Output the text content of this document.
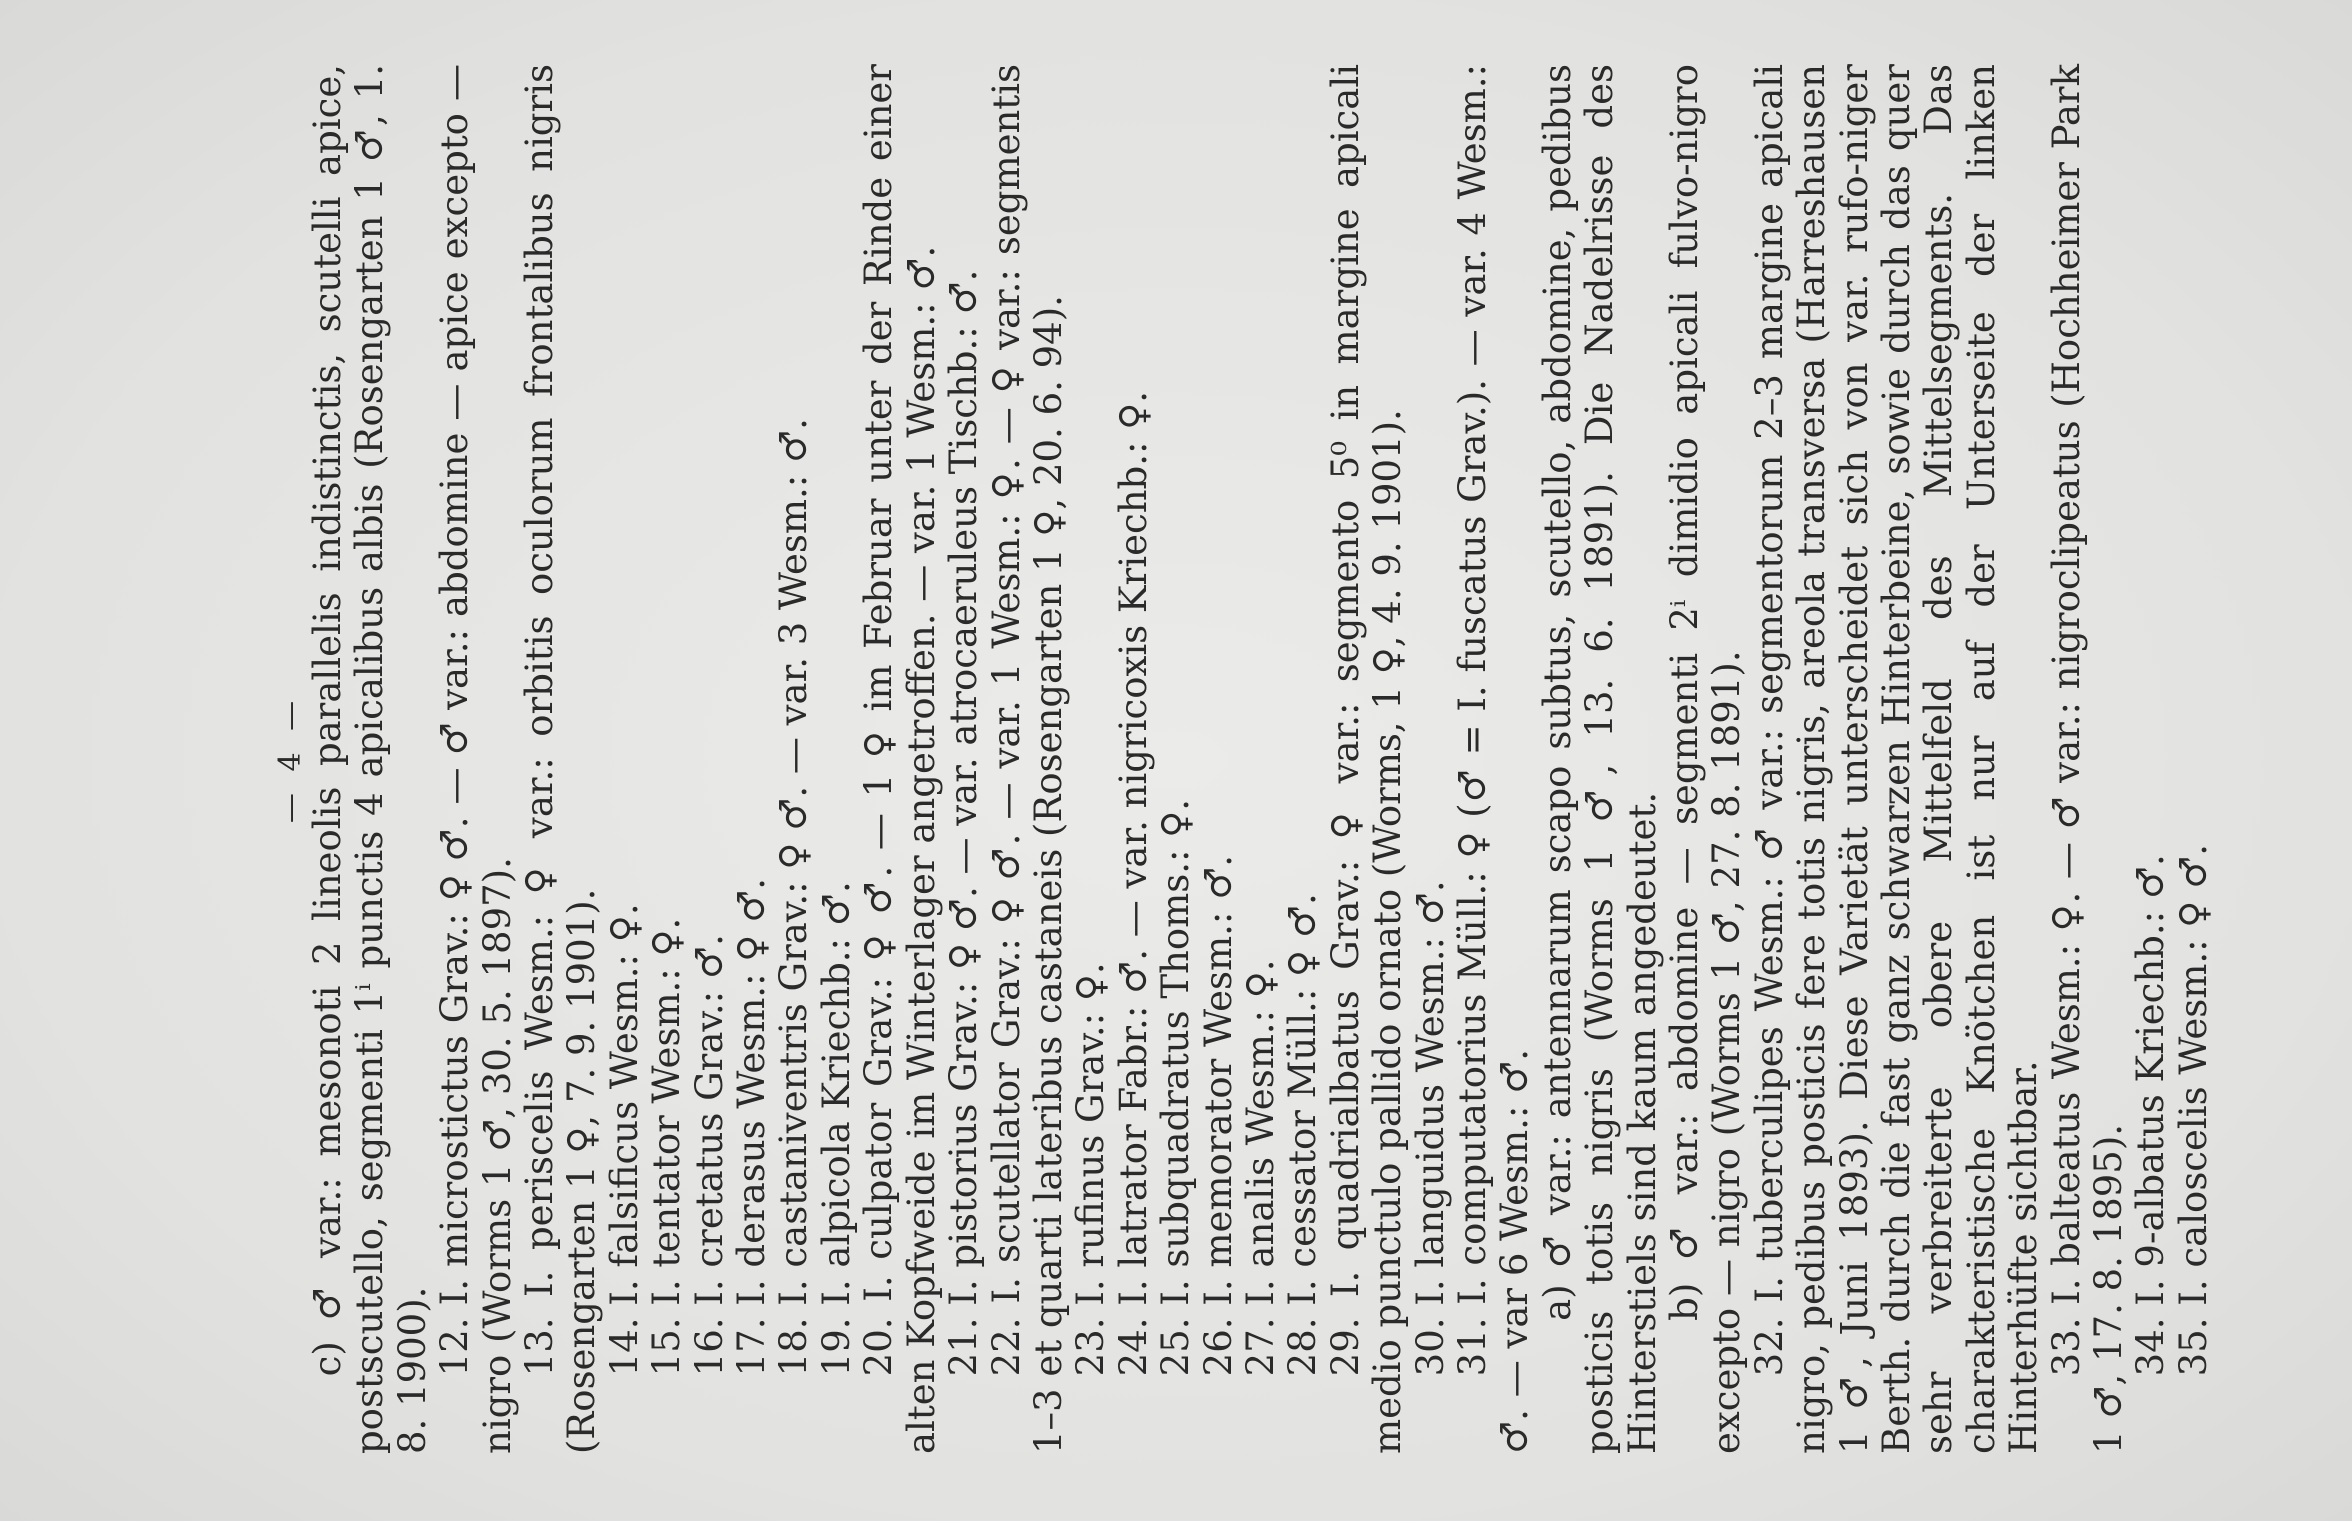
— 4 —

c) ♂ var.: mesonoti 2 lineolis parallelis indistinctis, scutelli apice, postscutello, segmenti 1ⁱ punctis 4 apicalibus albis (Rosengarten 1 ♂, 1. 8. 1900). 12. I. microstictus Grav.: ♀ ♂. — ♂ var.: abdomine — apice excepto — nigro (Worms 1 ♂, 30. 5. 1897). 13. I. periscelis Wesm.: ♀ var.: orbitis oculorum frontalibus nigris (Rosengarten 1 ♀, 7. 9. 1901). 14. I. falsificus Wesm.: ♀. 15. I. tentator Wesm.: ♀. 16. I. cretatus Grav.: ♂. 17. I. derasus Wesm.: ♀ ♂. 18. I. castaniventris Grav.: ♀ ♂. — var. 3 Wesm.: ♂. 19. I. alpicola Kriechb.: ♂. 20. I. culpator Grav.: ♀ ♂. — 1 ♀ im Februar unter der Rinde einer alten Kopfweide im Winterlager angetroffen. — var. 1 Wesm.: ♂. 21. I. pistorius Grav.: ♀ ♂. — var. atrocaeruleus Tischb.: ♂. 22. I. scutellator Grav.: ♀ ♂. — var. 1 Wesm.: ♀. — ♀ var.: segmentis 1–3 et quarti lateribus castaneis (Rosengarten 1 ♀, 20. 6. 94). 23. I. rufinus Grav.: ♀. 24. I. latrator Fabr.: ♂. — var. nigricoxis Kriechb.: ♀. 25. I. subquadratus Thoms.: ♀. 26. I. memorator Wesm.: ♂. 27. I. analis Wesm.: ♀. 28. I. cessator Müll.: ♀ ♂. 29. I. quadrialbatus Grav.: ♀ var.: segmento 5⁰ in margine apicali medio punctulo pallido ornato (Worms, 1 ♀, 4. 9. 1901). 30. I. languidus Wesm.: ♂. 31. I. computatorius Müll.: ♀ (♂ = I. fuscatus Grav.). — var. 4 Wesm.: ♂. — var 6 Wesm.: ♂. a) ♂ var.: antennarum scapo subtus, scutello, abdomine, pedibus posticis totis nigris (Worms 1 ♂, 13. 6. 1891). Die Nadelrisse des Hinterstiels sind kaum angedeutet. b) ♂ var.: abdomine — segmenti 2ⁱ dimidio apicali fulvo-nigro excepto — nigro (Worms 1 ♂, 27. 8. 1891). 32. I. tuberculipes Wesm.: ♂ var.: segmentorum 2–3 margine apicali nigro, pedibus posticis fere totis nigris, areola transversa (Harreshausen 1 ♂, Juni 1893). Diese Varietät unterscheidet sich von var. rufo-niger Berth. durch die fast ganz schwarzen Hinterbeine, sowie durch das quer sehr verbreiterte obere Mittelfeld des Mittelsegments. Das charakteristische Knötchen ist nur auf der Unterseite der linken Hinterhüfte sichtbar. 33. I. balteatus Wesm.: ♀. — ♂ var.: nigroclipeatus (Hochheimer Park 1 ♂, 17. 8. 1895). 34. I. 9-albatus Kriechb.: ♂. 35. I. caloscelis Wesm.: ♀ ♂.
